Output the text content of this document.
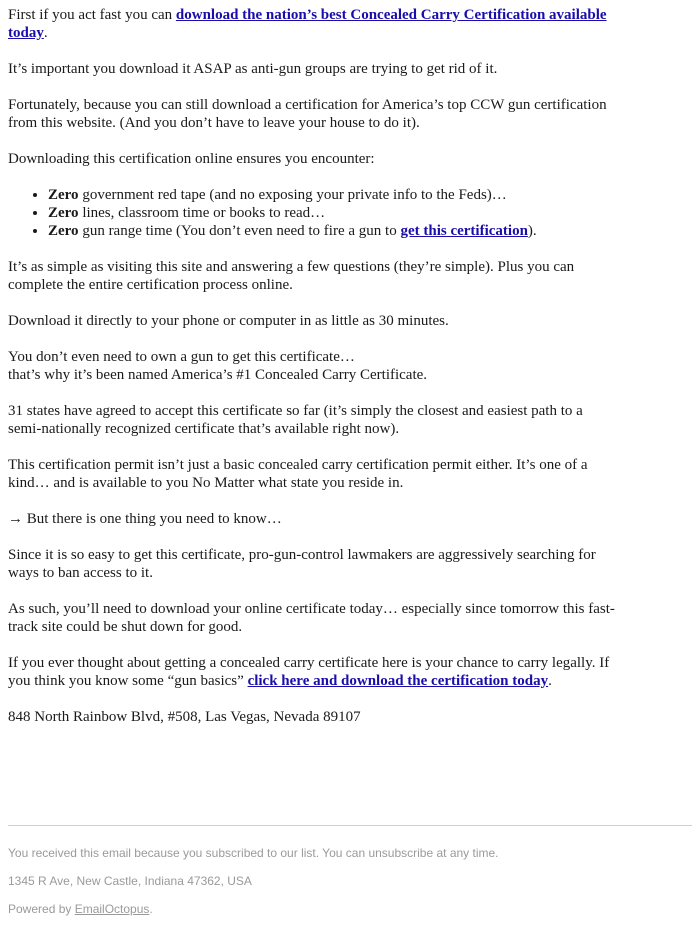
First if you act fast you can download the nation’s best Concealed Carry Certification available today.

It’s important you download it ASAP as anti-gun groups are trying to get rid of it.

Fortunately, because you can still download a certification for America’s top CCW gun certification from this website. (And you don’t have to leave your house to do it).

Downloading this certification online ensures you encounter:

• Zero government red tape (and no exposing your private info to the Feds)…
• Zero lines, classroom time or books to read…
• Zero gun range time (You don’t even need to fire a gun to get this certification).

It’s as simple as visiting this site and answering a few questions (they’re simple). Plus you can complete the entire certification process online.

Download it directly to your phone or computer in as little as 30 minutes.

You don’t even need to own a gun to get this certificate…
that’s why it’s been named America’s #1 Concealed Carry Certificate.

31 states have agreed to accept this certificate so far (it’s simply the closest and easiest path to a semi-nationally recognized certificate that’s available right now).

This certification permit isn’t just a basic concealed carry certification permit either. It’s one of a kind… and is available to you No Matter what state you reside in.

→ But there is one thing you need to know…

Since it is so easy to get this certificate, pro-gun-control lawmakers are aggressively searching for ways to ban access to it.

As such, you’ll need to download your online certificate today… especially since tomorrow this fast-track site could be shut down for good.

If you ever thought about getting a concealed carry certificate here is your chance to carry legally. If you think you know some “gun basics” click here and download the certification today.

848 North Rainbow Blvd, #508, Las Vegas, Nevada 89107

You received this email because you subscribed to our list. You can unsubscribe at any time.

1345 R Ave, New Castle, Indiana 47362, USA

Powered by EmailOctopus.
